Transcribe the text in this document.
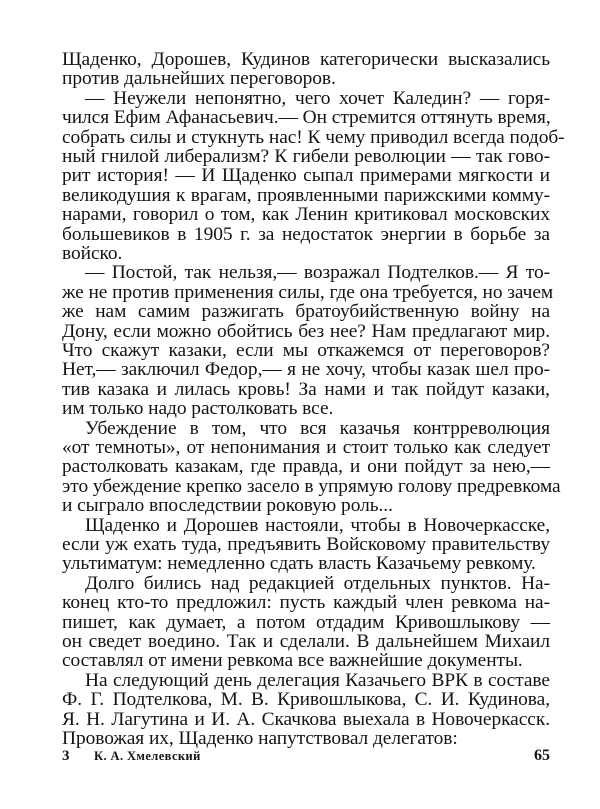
Щаденко, Дорошев, Кудинов категорически высказались

против дальнейших переговоров.

— Неужели непонятно, чего хочет Каледин? — горя-

чился Ефим Афанасьевич.— Он стремится оттянуть время,

собрать силы и стукнуть нас! К чему приводил всегда подоб-

ный гнилой либерализм? К гибели революции — так гово-

рит история! — И Щаденко сыпал примерами мягкости и

великодушия к врагам, проявленными парижскими комму-

нарами, говорил о том, как Ленин критиковал московских

большевиков в 1905 г. за недостаток энергии в борьбе за

войско.

— Постой, так нельзя,— возражал Подтелков.— Я то-

же не против применения силы, где она требуется, но зачем

же нам самим разжигать братоубийственную войну на

Дону, если можно обойтись без нее? Нам предлагают мир.

Что скажут казаки, если мы откажемся от переговоров?

Нет,— заключил Федор,— я не хочу, чтобы казак шел про-

тив казака и лилась кровь! За нами и так пойдут казаки,

им только надо растолковать все.

Убеждение в том, что вся казачья контрреволюция

«от темноты», от непонимания и стоит только как следует

растолковать казакам, где правда, и они пойдут за нею,—

это убеждение крепко засело в упрямую голову предревкома

и сыграло впоследствии роковую роль...

Щаденко и Дорошев настояли, чтобы в Новочеркасске,

если уж ехать туда, предъявить Войсковому правительству

ультиматум: немедленно сдать власть Казачьему ревкому.

Долго бились над редакцией отдельных пунктов. На-

конец кто-то предложил: пусть каждый член ревкома на-

пишет, как думает, а потом отдадим Кривошлыкову —

он сведет воедино. Так и сделали. В дальнейшем Михаил

составлял от имени ревкома все важнейшие документы.

На следующий день делегация Казачьего ВРК в составе

Ф. Г. Подтелкова, М. В. Кривошлыкова, С. И. Кудинова,

Я. Н. Лагутина и И. А. Скачкова выехала в Новочеркасск.

Провожая их, Щаденко напутствовал делегатов:

3 К. А. Хмелевский	65
